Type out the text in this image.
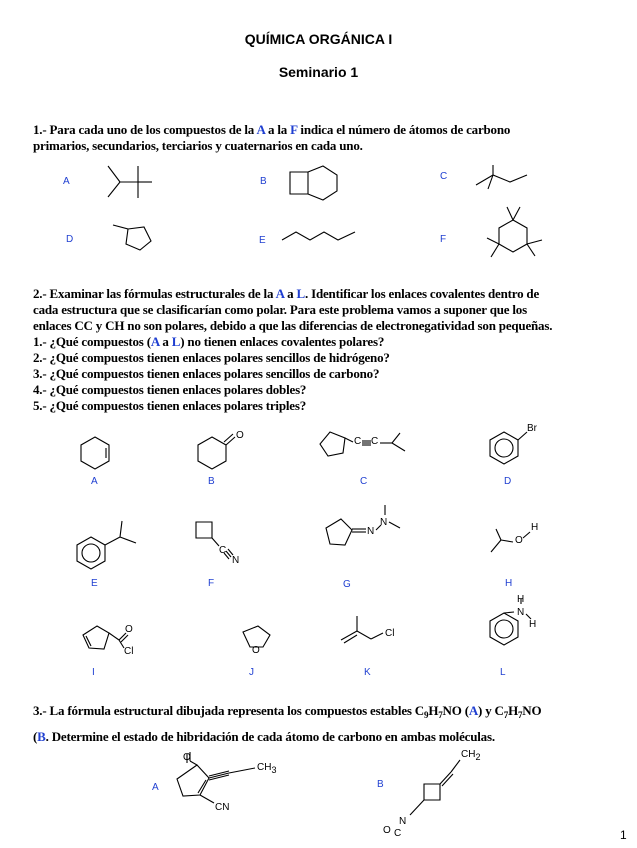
QUÍMICA ORGÁNICA I
Seminario 1
1.- Para cada uno de los compuestos de la A a la F indica el número de átomos de carbono
primarios, secundarios, terciarios y cuaternarios en cada uno.
A	B	C
D	E	F
2.- Examinar las fórmulas estructurales de la A a L. Identificar los enlaces covalentes dentro de
cada estructura que se clasificarían como polar. Para este problema vamos a suponer que los
enlaces CC y CH no son polares, debido a que las diferencias de electronegatividad son pequeñas.
1.- ¿Qué compuestos (A a L) no tienen enlaces covalentes polares?
2.- ¿Qué compuestos tienen enlaces polares sencillos de hidrógeno?
3.- ¿Qué compuestos tienen enlaces polares sencillos de carbono?
4.- ¿Qué compuestos tienen enlaces polares dobles?
5.- ¿Qué compuestos tienen enlaces polares triples?
A	B	C	D
E	F	G	H
I	J	K	L
3.- La fórmula estructural dibujada representa los compuestos estables $C_9H_7NO$ (A) y $C_7H_7NO$
(B. Determine el estado de hibridación de cada átomo de carbono en ambas moléculas.
A	B
O
C C
Br
C
N
N
N
O
H
O
Cl	O
Cl
N
H
H
O
CH3
CN
CH2
N
C
O	1
